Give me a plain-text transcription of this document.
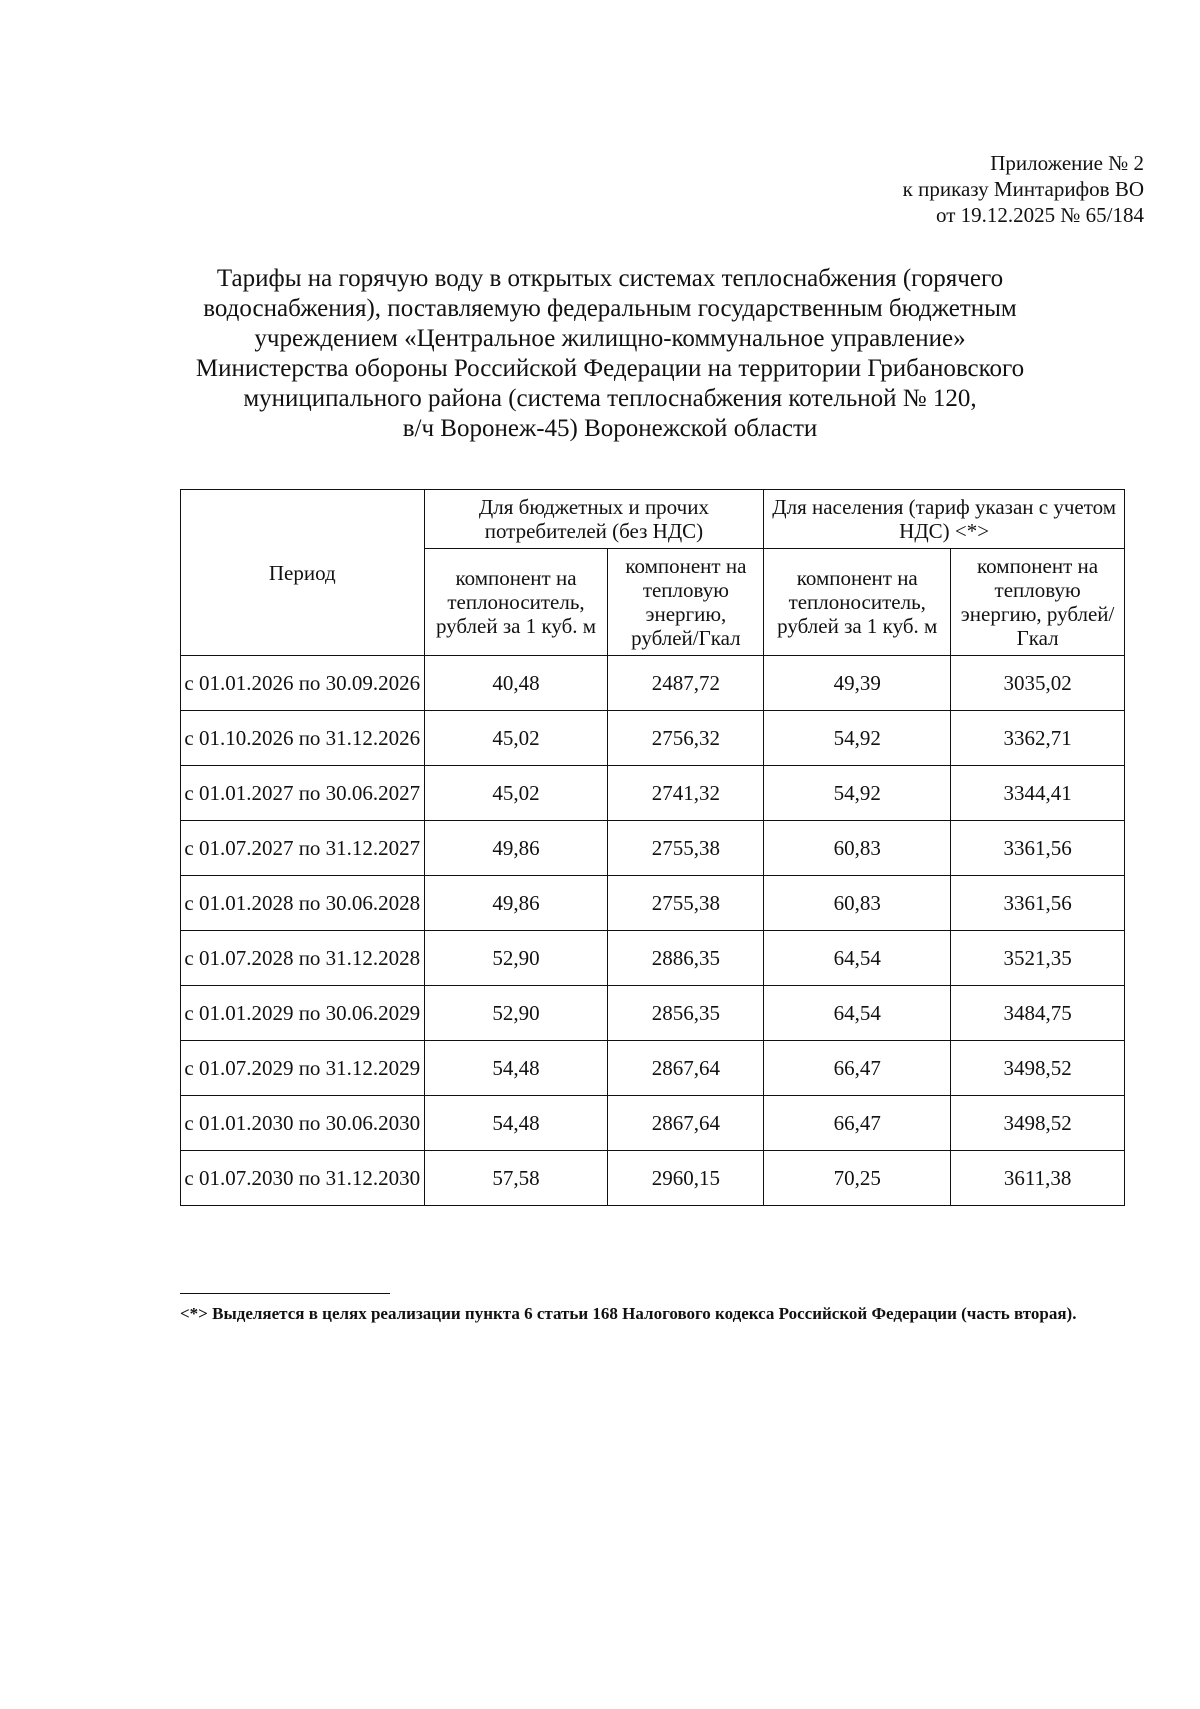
Приложение № 2
к приказу Минтарифов ВО
от 19.12.2025 № 65/184
Тарифы на горячую воду в открытых системах теплоснабжения (горячего
водоснабжения), поставляемую федеральным государственным бюджетным
учреждением «Центральное жилищно-коммунальное управление»
Министерства обороны Российской Федерации на территории Грибановского
муниципального района (система теплоснабжения котельной № 120,
в/ч Воронеж-45) Воронежской области
Период	Для бюджетных и прочих потребителей (без НДС)		Для населения (тариф указан с учетом НДС) <*>	
	компонент на теплоноситель, рублей за 1 куб. м	компонент на тепловую энергию, рублей/Гкал	компонент на теплоноситель, рублей за 1 куб. м	компонент на тепловую энергию, рублей/Гкал
с 01.01.2026 по 30.09.2026	40,48	2487,72	49,39	3035,02
с 01.10.2026 по 31.12.2026	45,02	2756,32	54,92	3362,71
с 01.01.2027 по 30.06.2027	45,02	2741,32	54,92	3344,41
с 01.07.2027 по 31.12.2027	49,86	2755,38	60,83	3361,56
с 01.01.2028 по 30.06.2028	49,86	2755,38	60,83	3361,56
с 01.07.2028 по 31.12.2028	52,90	2886,35	64,54	3521,35
с 01.01.2029 по 30.06.2029	52,90	2856,35	64,54	3484,75
с 01.07.2029 по 31.12.2029	54,48	2867,64	66,47	3498,52
с 01.01.2030 по 30.06.2030	54,48	2867,64	66,47	3498,52
с 01.07.2030 по 31.12.2030	57,58	2960,15	70,25	3611,38
<*> Выделяется в целях реализации пункта 6 статьи 168 Налогового кодекса Российской Федерации (часть вторая).
